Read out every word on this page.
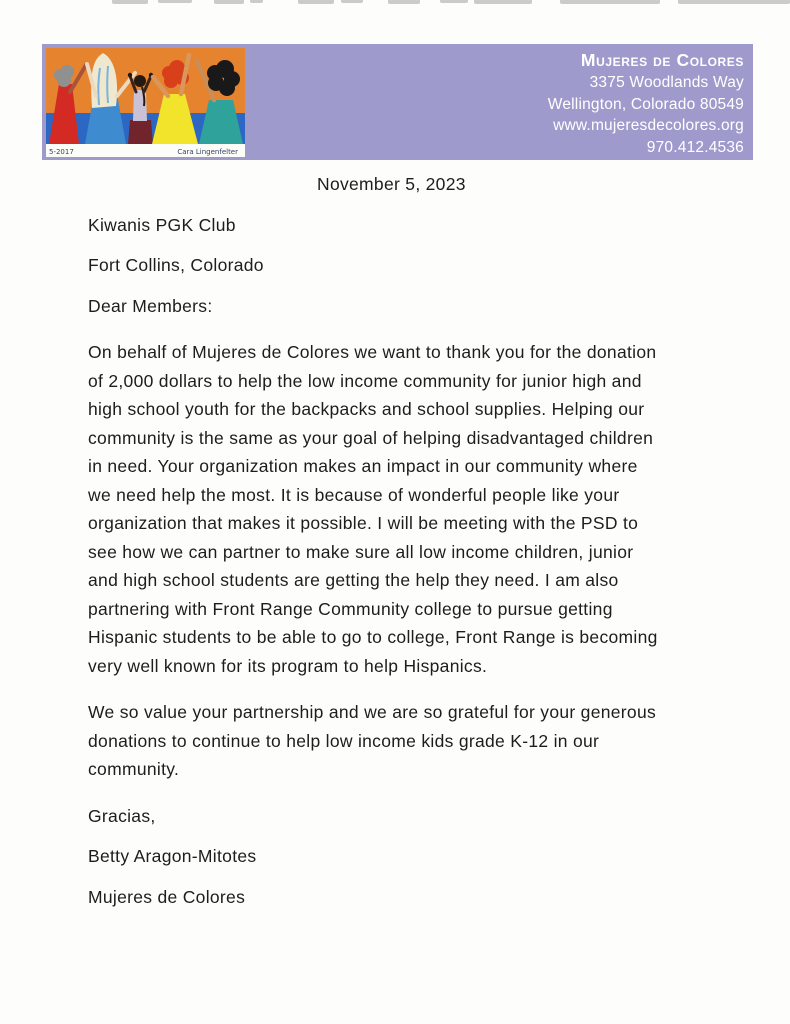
5-2017	Cara Lingenfelter
Mujeres de Colores
3375 Woodlands Way
Wellington, Colorado 80549
www.mujeresdecolores.org
970.412.4536
November 5, 2023
Kiwanis PGK Club
Fort Collins, Colorado
Dear Members:
On behalf of Mujeres de Colores we want to thank you for the donation
of 2,000 dollars to help the low income community for junior high and
high school youth for the backpacks and school supplies. Helping our
community is the same as your goal of helping disadvantaged children
in need. Your organization makes an impact in our community where
we need help the most. It is because of wonderful people like your
organization that makes it possible. I will be meeting with the PSD to
see how we can partner to make sure all low income children, junior
and high school students are getting the help they need. I am also
partnering with Front Range Community college to pursue getting
Hispanic students to be able to go to college, Front Range is becoming
very well known for its program to help Hispanics.
We so value your partnership and we are so grateful for your generous
donations to continue to help low income kids grade K-12 in our
community.
Gracias,
Betty Aragon-Mitotes
Mujeres de Colores
